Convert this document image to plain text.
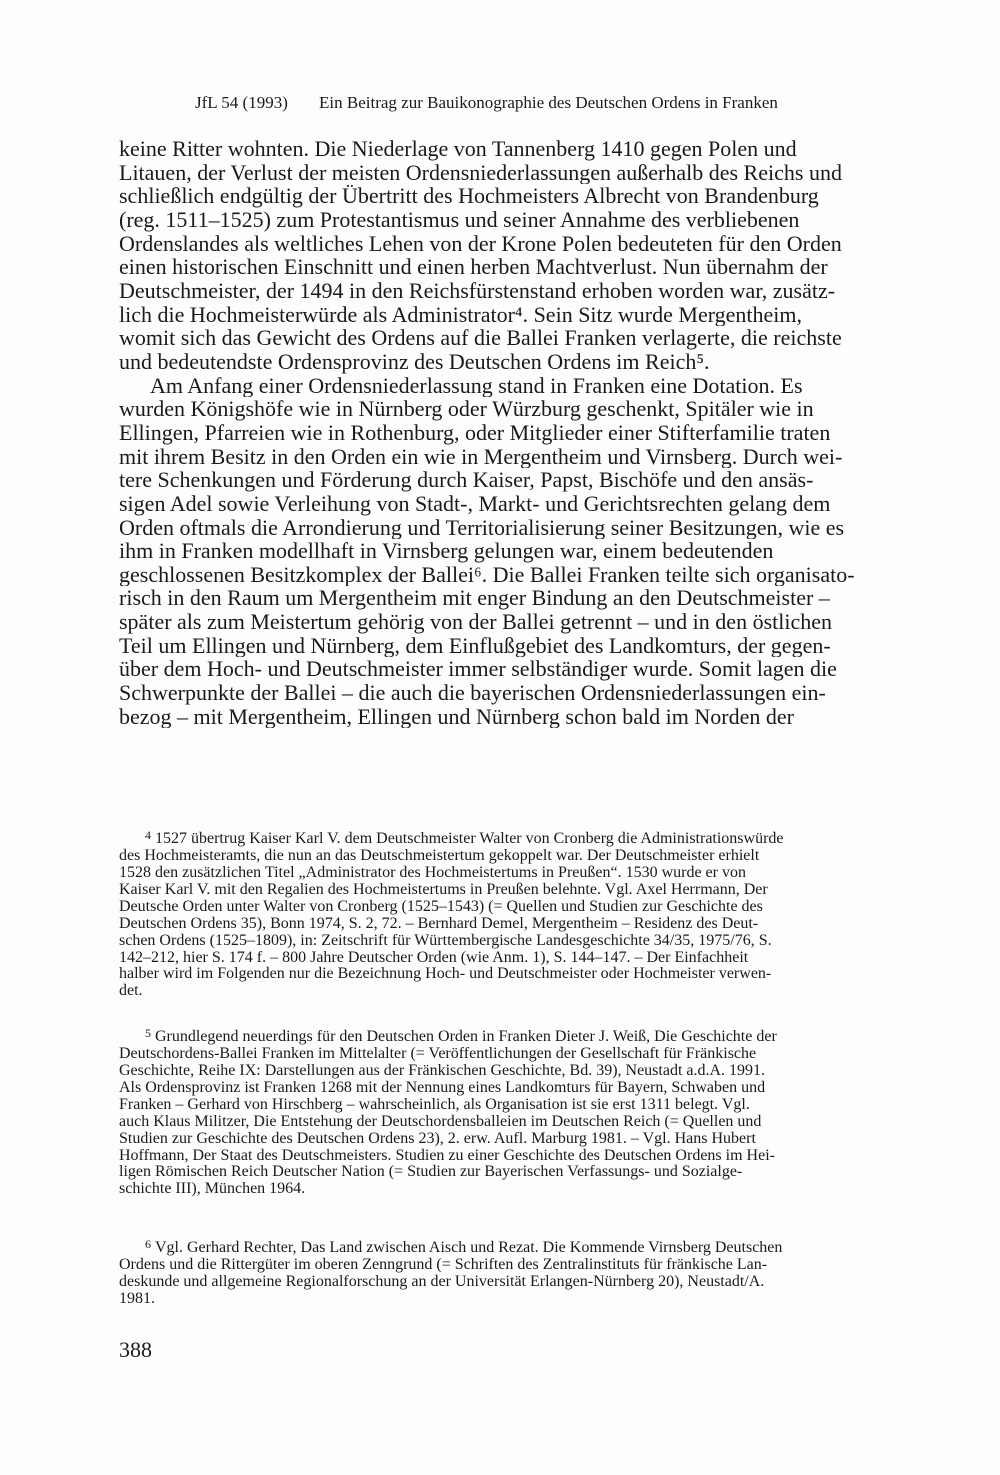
JfL 54 (1993) Ein Beitrag zur Bauikonographie des Deutschen Ordens in Franken
keine Ritter wohnten. Die Niederlage von Tannenberg 1410 gegen Polen und
Litauen, der Verlust der meisten Ordensniederlassungen außerhalb des Reichs und
schließlich endgültig der Übertritt des Hochmeisters Albrecht von Brandenburg
(reg. 1511–1525) zum Protestantismus und seiner Annahme des verbliebenen
Ordenslandes als weltliches Lehen von der Krone Polen bedeuteten für den Orden
einen historischen Einschnitt und einen herben Machtverlust. Nun übernahm der
Deutschmeister, der 1494 in den Reichsfürstenstand erhoben worden war, zusätz-
lich die Hochmeisterwürde als Administrator⁴. Sein Sitz wurde Mergentheim,
womit sich das Gewicht des Ordens auf die Ballei Franken verlagerte, die reichste
und bedeutendste Ordensprovinz des Deutschen Ordens im Reich⁵.
Am Anfang einer Ordensniederlassung stand in Franken eine Dotation. Es
wurden Königshöfe wie in Nürnberg oder Würzburg geschenkt, Spitäler wie in
Ellingen, Pfarreien wie in Rothenburg, oder Mitglieder einer Stifterfamilie traten
mit ihrem Besitz in den Orden ein wie in Mergentheim und Virnsberg. Durch wei-
tere Schenkungen und Förderung durch Kaiser, Papst, Bischöfe und den ansäs-
sigen Adel sowie Verleihung von Stadt-, Markt- und Gerichtsrechten gelang dem
Orden oftmals die Arrondierung und Territorialisierung seiner Besitzungen, wie es
ihm in Franken modellhaft in Virnsberg gelungen war, einem bedeutenden
geschlossenen Besitzkomplex der Ballei⁶. Die Ballei Franken teilte sich organisato-
risch in den Raum um Mergentheim mit enger Bindung an den Deutschmeister –
später als zum Meistertum gehörig von der Ballei getrennt – und in den östlichen
Teil um Ellingen und Nürnberg, dem Einflußgebiet des Landkomturs, der gegen-
über dem Hoch- und Deutschmeister immer selbständiger wurde. Somit lagen die
Schwerpunkte der Ballei – die auch die bayerischen Ordensniederlassungen ein-
bezog – mit Mergentheim, Ellingen und Nürnberg schon bald im Norden der
$^4$ 1527 übertrug Kaiser Karl V. dem Deutschmeister Walter von Cronberg die Administrationswürde
des Hochmeisteramts, die nun an das Deutschmeistertum gekoppelt war. Der Deutschmeister erhielt
1528 den zusätzlichen Titel „Administrator des Hochmeistertums in Preußen“. 1530 wurde er von
Kaiser Karl V. mit den Regalien des Hochmeistertums in Preußen belehnte. Vgl. Axel Herrmann, Der
Deutsche Orden unter Walter von Cronberg (1525–1543) (= Quellen und Studien zur Geschichte des
Deutschen Ordens 35), Bonn 1974, S. 2, 72. – Bernhard Demel, Mergentheim – Residenz des Deut-
schen Ordens (1525–1809), in: Zeitschrift für Württembergische Landesgeschichte 34/35, 1975/76, S.
142–212, hier S. 174 f. – 800 Jahre Deutscher Orden (wie Anm. 1), S. 144–147. – Der Einfachheit
halber wird im Folgenden nur die Bezeichnung Hoch- und Deutschmeister oder Hochmeister verwen-
det.
$^5$ Grundlegend neuerdings für den Deutschen Orden in Franken Dieter J. Weiß, Die Geschichte der
Deutschordens-Ballei Franken im Mittelalter (= Veröffentlichungen der Gesellschaft für Fränkische
Geschichte, Reihe IX: Darstellungen aus der Fränkischen Geschichte, Bd. 39), Neustadt a.d.A. 1991.
Als Ordensprovinz ist Franken 1268 mit der Nennung eines Landkomturs für Bayern, Schwaben und
Franken – Gerhard von Hirschberg – wahrscheinlich, als Organisation ist sie erst 1311 belegt. Vgl.
auch Klaus Militzer, Die Entstehung der Deutschordensballeien im Deutschen Reich (= Quellen und
Studien zur Geschichte des Deutschen Ordens 23), 2. erw. Aufl. Marburg 1981. – Vgl. Hans Hubert
Hoffmann, Der Staat des Deutschmeisters. Studien zu einer Geschichte des Deutschen Ordens im Hei-
ligen Römischen Reich Deutscher Nation (= Studien zur Bayerischen Verfassungs- und Sozialge-
schichte III), München 1964.
$^6$ Vgl. Gerhard Rechter, Das Land zwischen Aisch und Rezat. Die Kommende Virnsberg Deutschen
Ordens und die Rittergüter im oberen Zenngrund (= Schriften des Zentralinstituts für fränkische Lan-
deskunde und allgemeine Regionalforschung an der Universität Erlangen-Nürnberg 20), Neustadt/A.
1981.
388
